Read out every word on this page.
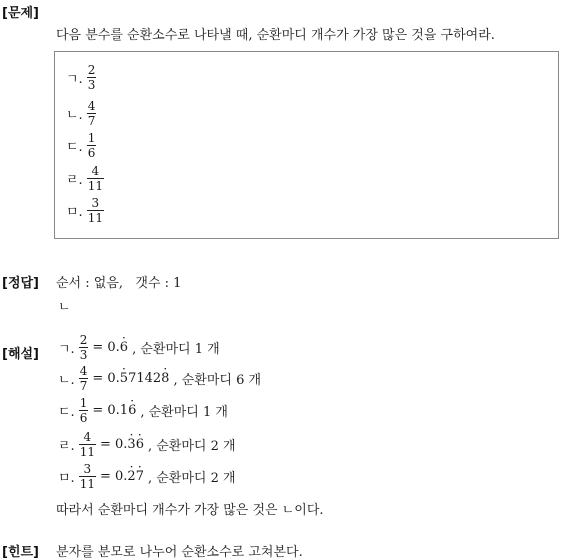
[문제]
다음 분수를 순환소수로 나타낼 때, 순환마디 개수가 가장 많은 것을 구하여라.
ㄱ. $\frac{2}{3}$
ㄴ. $\frac{4}{7}$
ㄷ. $\frac{1}{6}$
ㄹ. $\frac{4}{11}$
ㅁ. $\frac{3}{11}$
[정답] 순서 : 없음,   갯수 : 1
ㄴ
[해설] ㄱ. $\frac{2}{3} = 0$. · 6 , 순환마디 1 개
ㄴ. $\frac{4}{7} = 0$. · 5 7142 · 8 , 순환마디 6 개
ㄷ. $\frac{1}{6} = 0$. 1 · 6 , 순환마디 1 개
ㄹ. $\frac{4}{11} = 0$. · 3 · 6 , 순환마디 2 개
ㅁ. $\frac{3}{11} = 0$. · 2 · 7 , 순환마디 2 개
따라서 순환마디 개수가 가장 많은 것은 ㄴ이다.
[힌트] 분자를 분모로 나누어 순환소수로 고쳐본다.
